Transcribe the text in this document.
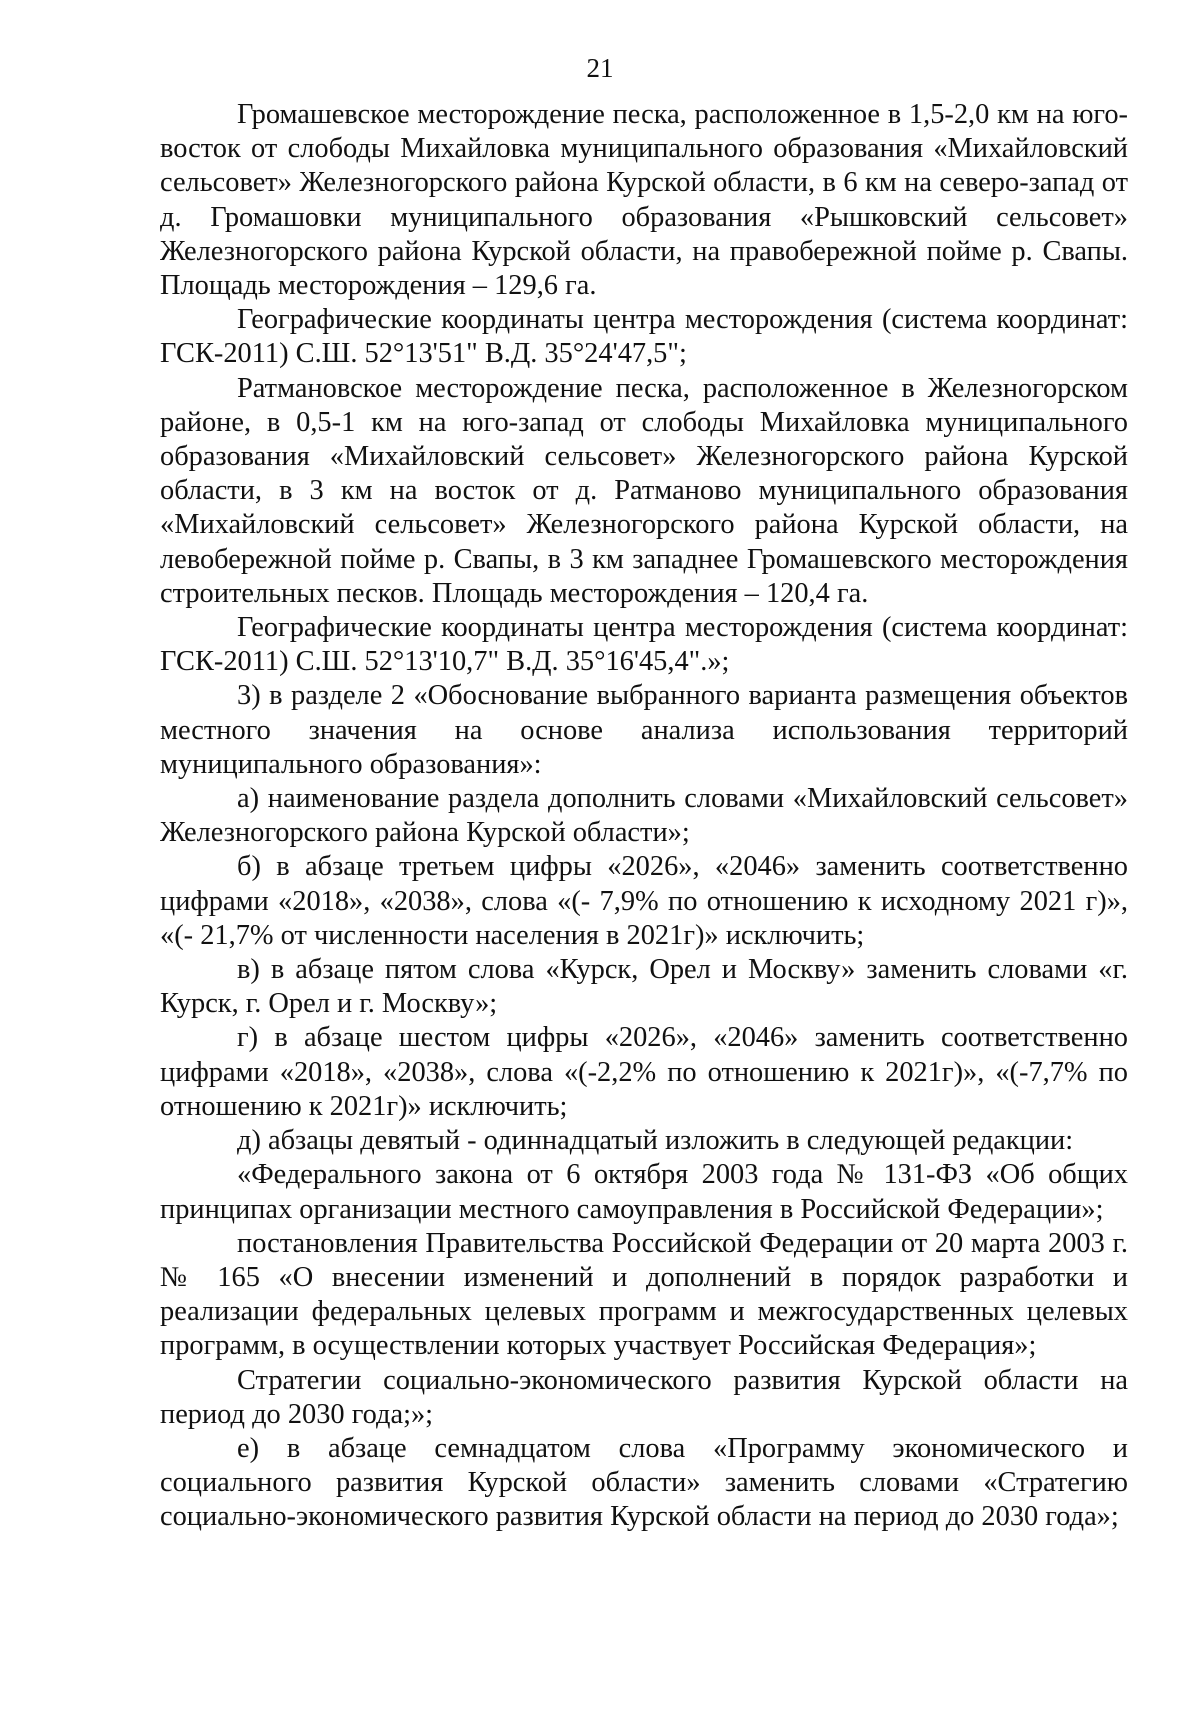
21

Громашевское месторождение песка, расположенное в 1,5-2,0 км на юго-восток от слободы Михайловка муниципального образования «Михайловский сельсовет» Железногорского района Курской области, в 6 км на северо-запад от д. Громашовки муниципального образования «Рышковский сельсовет» Железногорского района Курской области, на правобережной пойме р. Свапы. Площадь месторождения – 129,6 га.

Географические координаты центра месторождения (система координат: ГСК-2011) С.Ш. 52°13'51" В.Д. 35°24'47,5";

Ратмановское месторождение песка, расположенное в Железногорском районе, в 0,5-1 км на юго-запад от слободы Михайловка муниципального образования «Михайловский сельсовет» Железногорского района Курской области, в 3 км на восток от д. Ратманово муниципального образования «Михайловский сельсовет» Железногорского района Курской области, на левобережной пойме р. Свапы, в 3 км западнее Громашевского месторождения строительных песков. Площадь месторождения – 120,4 га.

Географические координаты центра месторождения (система координат: ГСК-2011) С.Ш. 52°13'10,7" В.Д. 35°16'45,4".»;

3) в разделе 2 «Обоснование выбранного варианта размещения объектов местного значения на основе анализа использования территорий муниципального образования»:

а) наименование раздела дополнить словами «Михайловский сельсовет» Железногорского района Курской области»;

б) в абзаце третьем цифры «2026», «2046» заменить соответственно цифрами «2018», «2038», слова «(- 7,9% по отношению к исходному 2021 г)», «(- 21,7% от численности населения в 2021г)» исключить;

в) в абзаце пятом слова «Курск, Орел и Москву» заменить словами «г. Курск, г. Орел и г. Москву»;

г) в абзаце шестом цифры «2026», «2046» заменить соответственно цифрами «2018», «2038», слова «(-2,2% по отношению к 2021г)», «(-7,7% по отношению к 2021г)» исключить;

д) абзацы девятый - одиннадцатый изложить в следующей редакции:

«Федерального закона от 6 октября 2003 года № 131-ФЗ «Об общих принципах организации местного самоуправления в Российской Федерации»;

постановления Правительства Российской Федерации от 20 марта 2003 г. № 165 «О внесении изменений и дополнений в порядок разработки и реализации федеральных целевых программ и межгосударственных целевых программ, в осуществлении которых участвует Российская Федерация»;

Стратегии социально-экономического развития Курской области на период до 2030 года;»;

е) в абзаце семнадцатом слова «Программу экономического и социального развития Курской области» заменить словами «Стратегию социально-экономического развития Курской области на период до 2030 года»;
